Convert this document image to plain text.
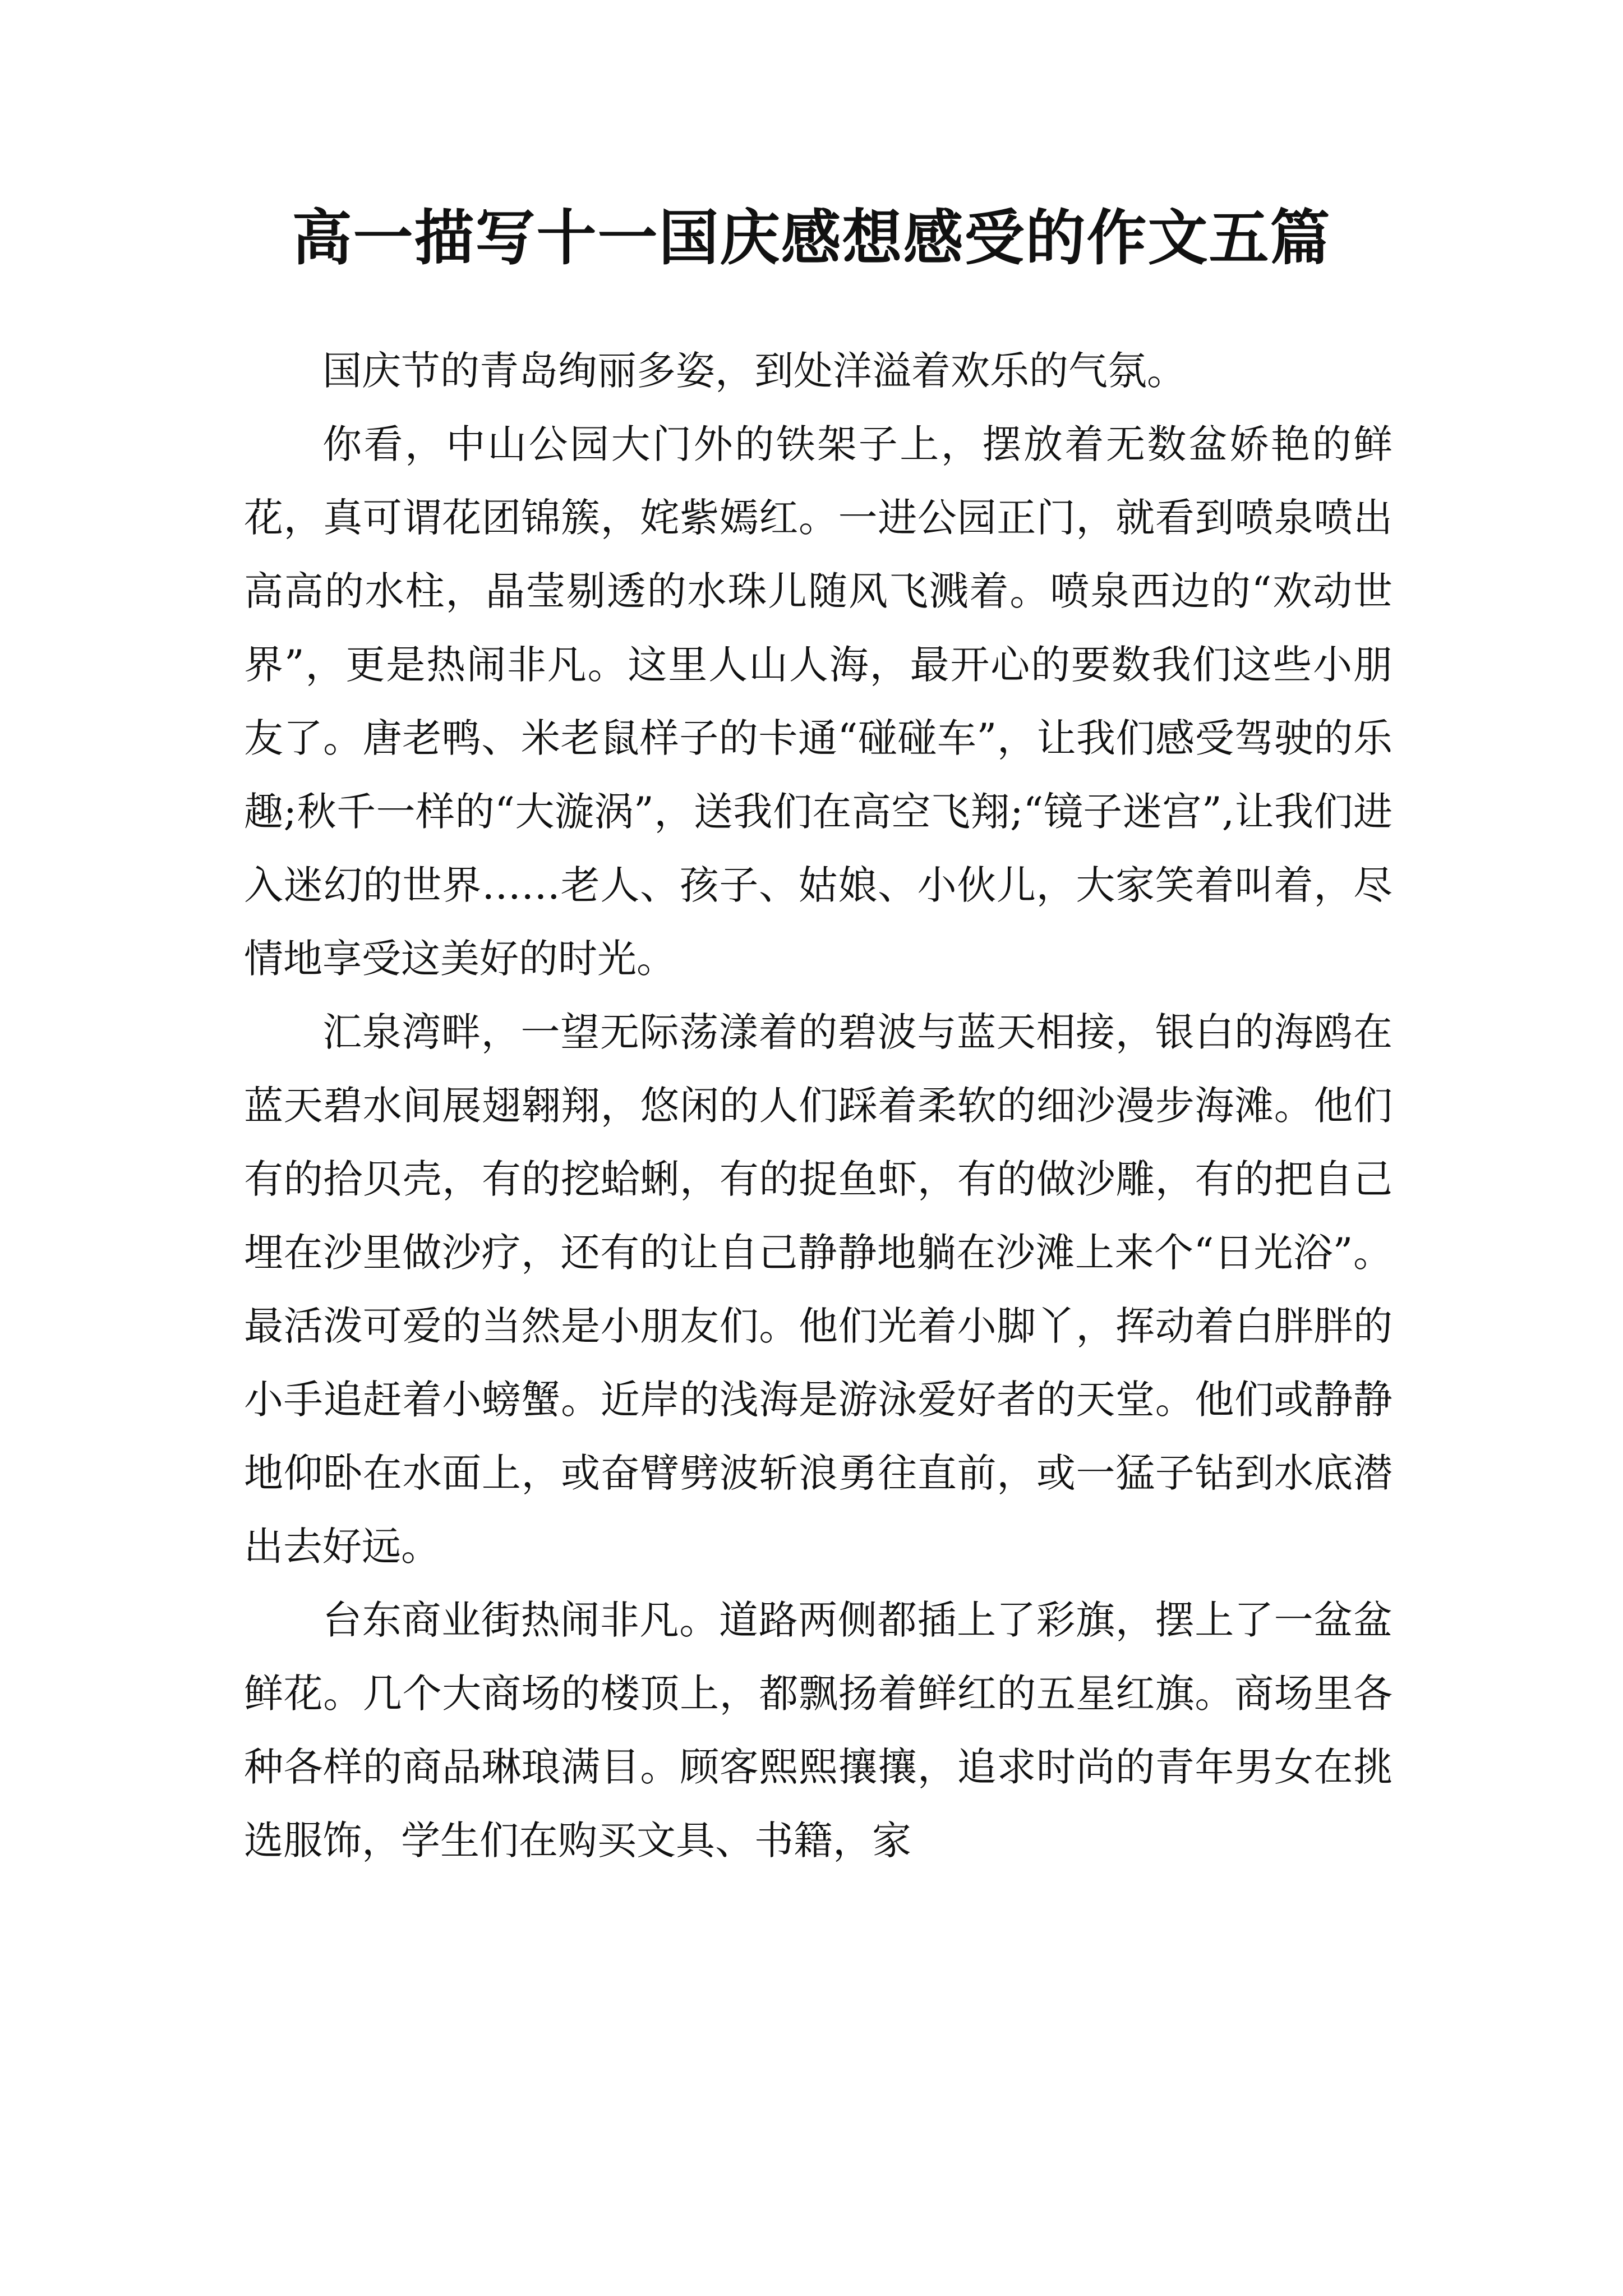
高一描写十一国庆感想感受的作文五篇

国庆节的青岛绚丽多姿，到处洋溢着欢乐的气氛。

你看，中山公园大门外的铁架子上，摆放着无数盆娇艳的鲜花，真可谓花团锦簇，姹紫嫣红。一进公园正门，就看到喷泉喷出高高的水柱，晶莹剔透的水珠儿随风飞溅着。喷泉西边的“欢动世界”，更是热闹非凡。这里人山人海，最开心的要数我们这些小朋友了。唐老鸭、米老鼠样子的卡通“碰碰车”，让我们感受驾驶的乐趣;秋千一样的“大漩涡”，送我们在高空飞翔;“镜子迷宫”,让我们进入迷幻的世界……老人、孩子、姑娘、小伙儿，大家笑着叫着，尽情地享受这美好的时光。

汇泉湾畔，一望无际荡漾着的碧波与蓝天相接，银白的海鸥在蓝天碧水间展翅翱翔，悠闲的人们踩着柔软的细沙漫步海滩。他们有的拾贝壳，有的挖蛤蜊，有的捉鱼虾，有的做沙雕，有的把自己埋在沙里做沙疗，还有的让自己静静地躺在沙滩上来个“日光浴”。最活泼可爱的当然是小朋友们。他们光着小脚丫，挥动着白胖胖的小手追赶着小螃蟹。近岸的浅海是游泳爱好者的天堂。他们或静静地仰卧在水面上，或奋臂劈波斩浪勇往直前，或一猛子钻到水底潜出去好远。

台东商业街热闹非凡。道路两侧都插上了彩旗，摆上了一盆盆鲜花。几个大商场的楼顶上，都飘扬着鲜红的五星红旗。商场里各种各样的商品琳琅满目。顾客熙熙攘攘，追求时尚的青年男女在挑选服饰，学生们在购买文具、书籍，家
